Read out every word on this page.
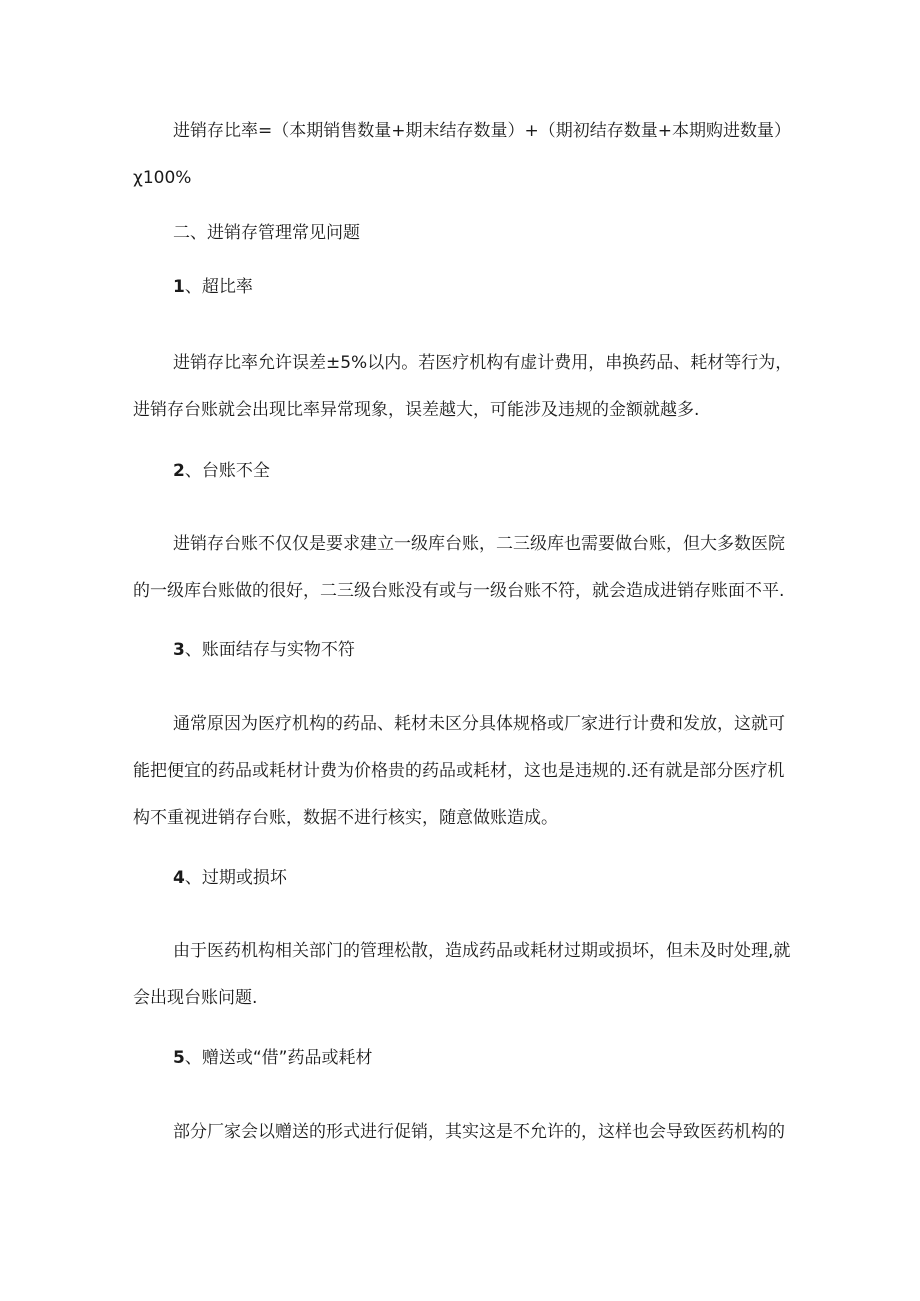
进销存比率=（本期销售数量+期末结存数量）+（期初结存数量+本期购进数量）
χ100%

二、进销存管理常见问题

1、超比率

进销存比率允许误差±5%以内。若医疗机构有虚计费用，串换药品、耗材等行为，进销存台账就会出现比率异常现象，误差越大，可能涉及违规的金额就越多.

2、台账不全

进销存台账不仅仅是要求建立一级库台账，二三级库也需要做台账，但大多数医院的一级库台账做的很好，二三级台账没有或与一级台账不符，就会造成进销存账面不平.

3、账面结存与实物不符

通常原因为医疗机构的药品、耗材未区分具体规格或厂家进行计费和发放，这就可能把便宜的药品或耗材计费为价格贵的药品或耗材，这也是违规的.还有就是部分医疗机构不重视进销存台账，数据不进行核实，随意做账造成。

4、过期或损坏

由于医药机构相关部门的管理松散，造成药品或耗材过期或损坏，但未及时处理,就会出现台账问题.

5、赠送或“借”药品或耗材

部分厂家会以赠送的形式进行促销，其实这是不允许的，这样也会导致医药机构的
